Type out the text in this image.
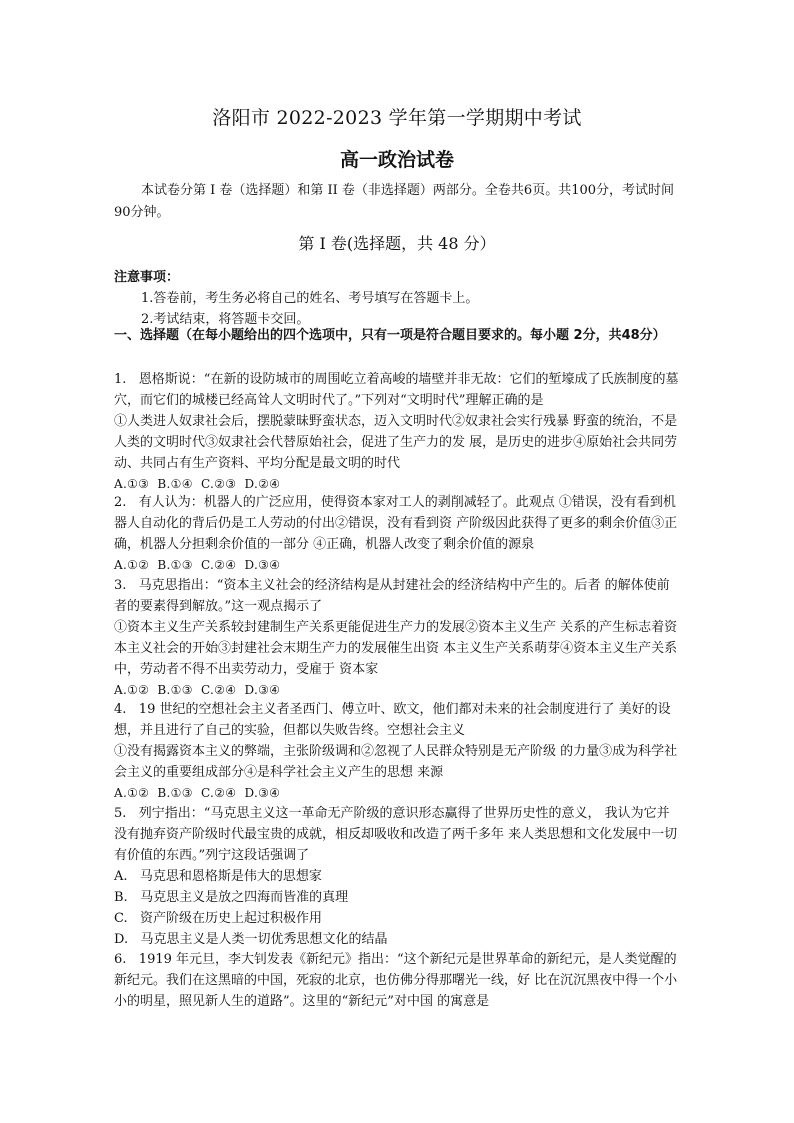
洛阳市 2022-2023 学年第一学期期中考试
高一政治试卷
本试卷分第 I 卷（选择题）和第 II 卷（非选择题）两部分。全卷共6页。共100分，考试时间90分钟。
第 I 卷(选择题，共 48 分）
注意事项：
1.答卷前，考生务必将自己的姓名、考号填写在答题卡上。
2.考试结束，将答题卡交回。
一、选择题（在每小题给出的四个选项中，只有一项是符合题目要求的。每小题 2分，共48分）

1.   恩格斯说：“在新的设防城市的周围屹立着高峻的墙壁并非无故：它们的堑壕成了氏族制度的墓穴，而它们的城楼已经高耸人文明时代了。”下列对“文明时代”理解正确的是

①人类进人奴隶社会后，摆脱蒙昧野蛮状态，迈入文明时代②奴隶社会实行残暴 野蛮的统治，不是人类的文明时代③奴隶社会代替原始社会，促进了生产力的发 展，是历史的进步④原始社会共同劳动、共同占有生产资料、平均分配是最文明的时代

A.①③  B.①④  C.②③  D.②④

2.   有人认为：机器人的广泛应用，使得资本家对工人的剥削减轻了。此观点 ①错误，没有看到机器人自动化的背后仍是工人劳动的付出②错误，没有看到资 产阶级因此获得了更多的剩余价值③正确，机器人分担剩余价值的一部分 ④正确，机器人改变了剩余价值的源泉

A.①②  B.①③  C.②④  D.③④

3.   马克思指出：“资本主义社会的经济结构是从封建社会的经济结构中产生的。后者 的解体使前者的要素得到解放。”这一观点揭示了

①资本主义生产关系较封建制生产关系更能促进生产力的发展②资本主义生产 关系的产生标志着资本主义社会的开始③封建社会末期生产力的发展催生出资 本主义生产关系萌芽④资本主义生产关系中，劳动者不得不出卖劳动力，受雇于 资本家

A.①②  B.①③  C.②④  D.③④

4.   19 世纪的空想社会主义者圣西门、傅立叶、欧文，他们都对未来的社会制度进行了 美好的设想，并且进行了自己的实验，但都以失败告终。空想社会主义

①没有揭露资本主义的弊端，主张阶级调和②忽视了人民群众特别是无产阶级 的力量③成为科学社会主义的重要组成部分④是科学社会主义产生的思想 来源

A.①②  B.①③  C.②④  D.③④

5.   列宁指出：“马克思主义这一革命无产阶级的意识形态赢得了世界历史性的意义， 我认为它并没有抛弃资产阶级时代最宝贵的成就，相反却吸收和改造了两千多年 来人类思想和文化发展中一切有价值的东西。”列宁这段话强调了

A.   马克思和恩格斯是伟大的思想家

B.   马克思主义是放之四海而皆准的真理

C.   资产阶级在历史上起过积极作用

D.   马克思主义是人类一切优秀思想文化的结晶

6.   1919 年元旦，李大钊发表《新纪元》指出：“这个新纪元是世界革命的新纪元，是人类觉醒的新纪元。我们在这黑暗的中国，死寂的北京，也仿佛分得那曙光一线，好 比在沉沉黑夜中得一个小小的明星，照见新人生的道路”。这里的“新纪元”对中国 的寓意是
